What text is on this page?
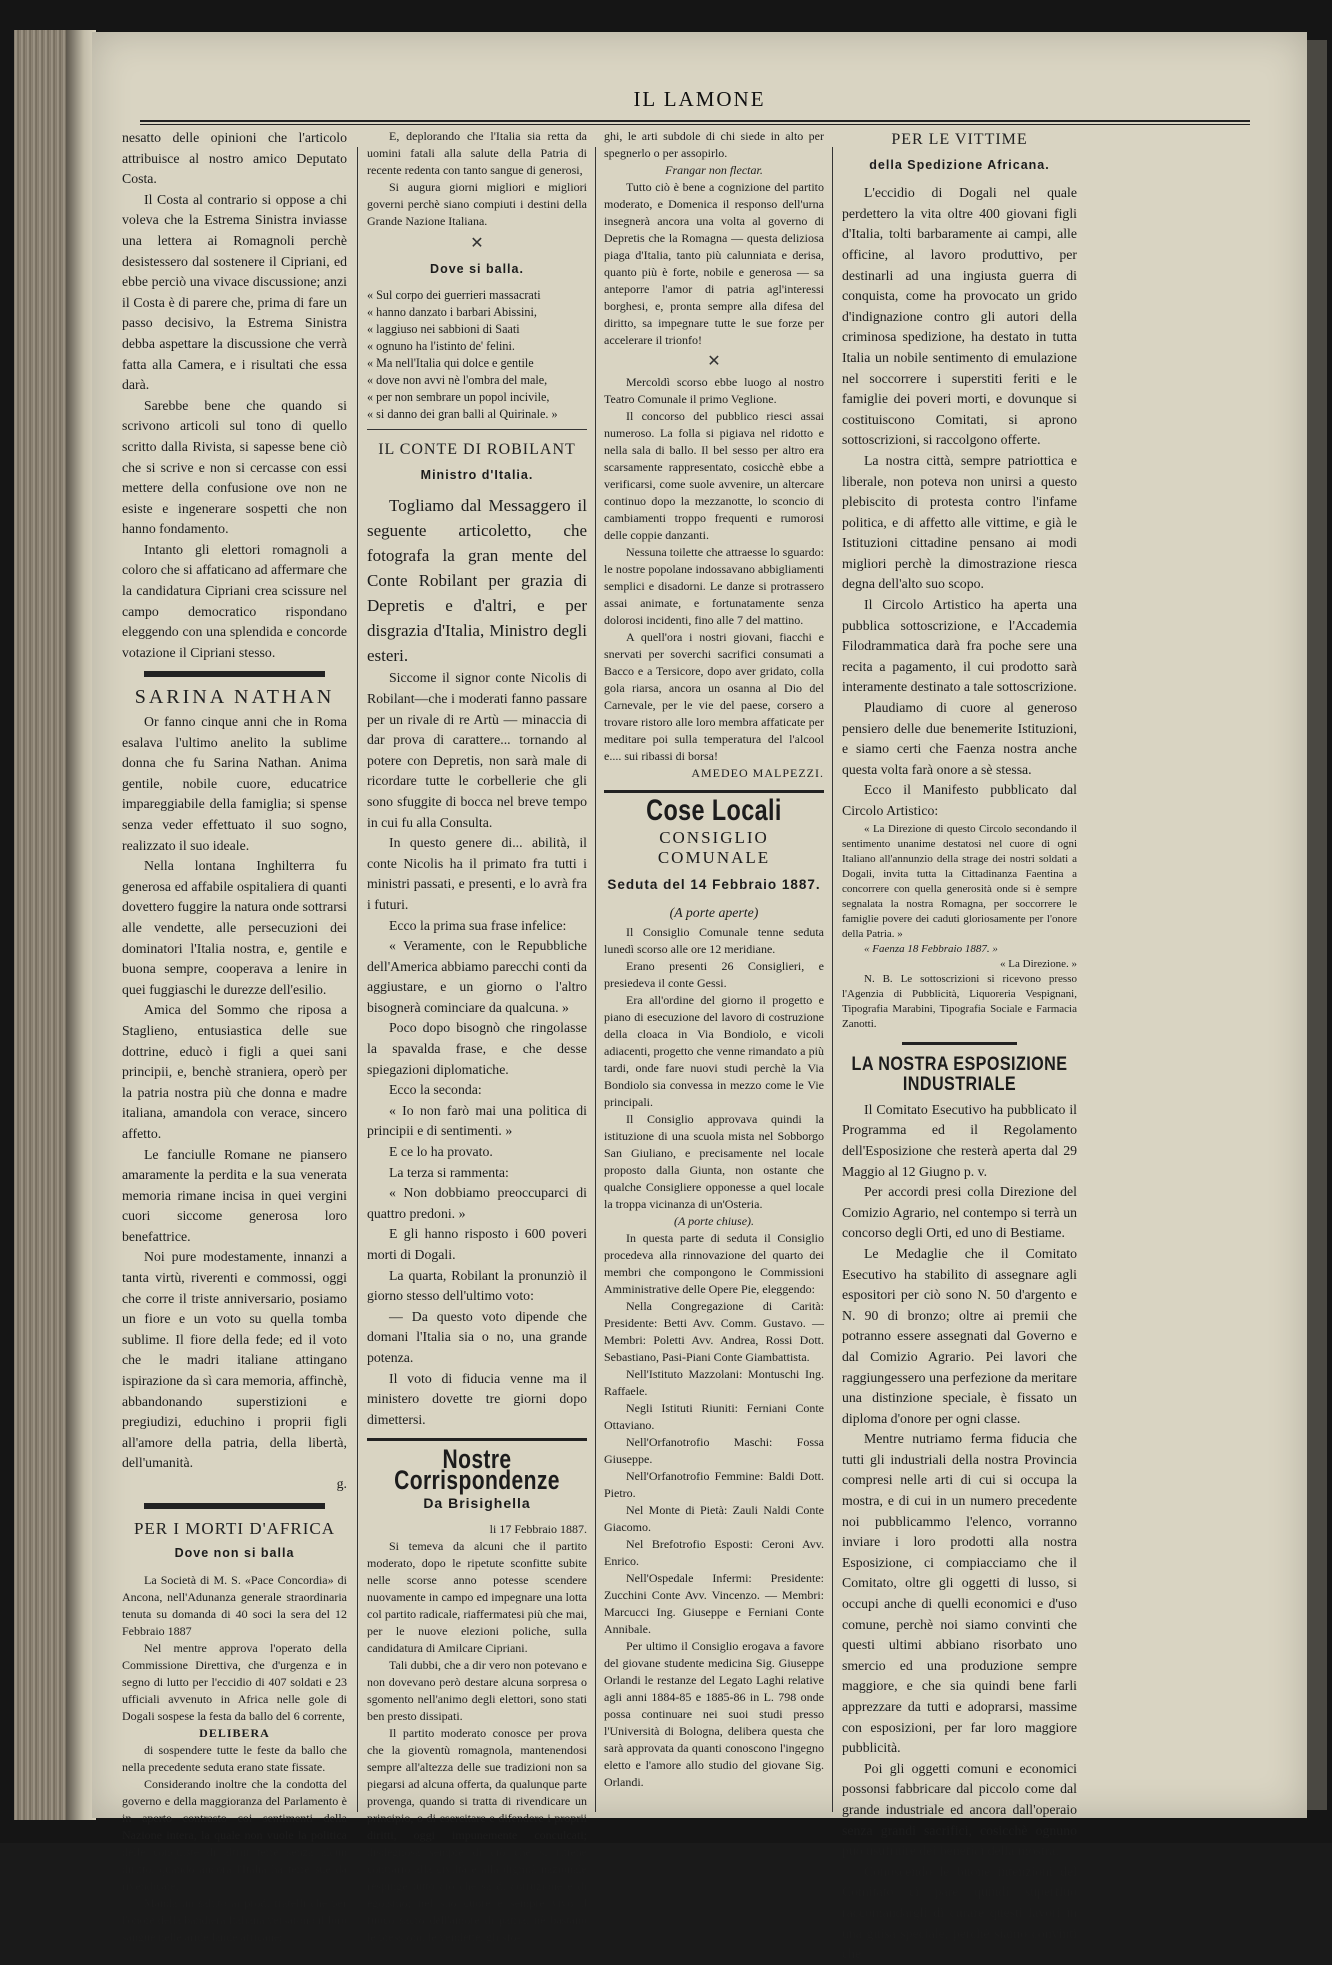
IL LAMONE

nesatto delle opinioni che l'articolo attribuisce al nostro amico Deputato Costa.

Il Costa al contrario si oppose a chi voleva che la Estrema Sinistra inviasse una lettera ai Romagnoli perchè desistessero dal sostenere il Cipriani, ed ebbe perciò una vivace discussione; anzi il Costa è di parere che, prima di fare un passo decisivo, la Estrema Sinistra debba aspettare la discussione che verrà fatta alla Camera, e i risultati che essa darà.

Sarebbe bene che quando si scrivono articoli sul tono di quello scritto dalla Rivista, si sapesse bene ciò che si scrive e non si cercasse con essi mettere della confusione ove non ne esiste e ingenerare sospetti che non hanno fondamento.

Intanto gli elettori romagnoli a coloro che si affaticano ad affermare che la candidatura Cipriani crea scissure nel campo democratico rispondano eleggendo con una splendida e concorde votazione il Cipriani stesso.

SARINA NATHAN

Or fanno cinque anni che in Roma esalava l'ultimo anelito la sublime donna che fu Sarina Nathan. Anima gentile, nobile cuore, educatrice impareggiabile della famiglia; si spense senza veder effettuato il suo sogno, realizzato il suo ideale.

Nella lontana Inghilterra fu generosa ed affabile ospitaliera di quanti dovettero fuggire la natura onde sottrarsi alle vendette, alle persecuzioni dei dominatori l'Italia nostra, e, gentile e buona sempre, cooperava a lenire in quei fuggiaschi le durezze dell'esilio.

Amica del Sommo che riposa a Staglieno, entusiastica delle sue dottrine, educò i figli a quei sani principii, e, benchè straniera, operò per la patria nostra più che donna e madre italiana, amandola con verace, sincero affetto.

Le fanciulle Romane ne piansero amaramente la perdita e la sua venerata memoria rimane incisa in quei vergini cuori siccome generosa loro benefattrice.

Noi pure modestamente, innanzi a tanta virtù, riverenti e commossi, oggi che corre il triste anniversario, posiamo un fiore e un voto su quella tomba sublime. Il fiore della fede; ed il voto che le madri italiane attingano ispirazione da sì cara memoria, affinchè, abbandonando superstizioni e pregiudizi, educhino i proprii figli all'amore della patria, della libertà, dell'umanità.

g.

PER I MORTI D'AFRICA
Dove non si balla

La Società di M. S. «Pace Concordia» di Ancona, nell'Adunanza generale straordinaria tenuta su domanda di 40 soci la sera del 12 Febbraio 1887

Nel mentre approva l'operato della Commissione Direttiva, che d'urgenza e in segno di lutto per l'eccidio di 407 soldati e 23 ufficiali avvenuto in Africa nelle gole di Dogali sospese la festa da ballo del 6 corrente,

DELIBERA

di sospendere tutte le feste da ballo che nella precedente seduta erano state fissate.

Considerando inoltre che la condotta del governo e della maggioranza del Parlamento è in aperto contrasto coi sentimenti della Nazione intera, la quale non vuole la politica delle conquiste di altrui terre senza alcun diritto, quando ancora l'Italia ha terre sue da rivendicare,

Manda un saluto ai prodi fratelli che per l'onore della bandiera Italiana versarono il loro sangue nelle aride lande africane;

E, deplorando che l'Italia sia retta da uomini fatali alla salute della Patria di recente redenta con tanto sangue di generosi,

Si augura giorni migliori e migliori governi perchè siano compiuti i destini della Grande Nazione Italiana.

✕
Dove si balla.

« Sul corpo dei guerrieri massacrati

« hanno danzato i barbari Abissini,

« laggiuso nei sabbioni di Saati

« ognuno ha l'istinto de' felini.

« Ma nell'Italia qui dolce e gentile

« dove non avvi nè l'ombra del male,

« per non sembrare un popol incivile,

« si danno dei gran balli al Quirinale. »

IL CONTE DI ROBILANT
Ministro d'Italia.

Togliamo dal Messaggero il seguente articoletto, che fotografa la gran mente del Conte Robilant per grazia di Depretis e d'altri, e per disgrazia d'Italia, Ministro degli esteri.

Siccome il signor conte Nicolis di Robilant—che i moderati fanno passare per un rivale di re Artù — minaccia di dar prova di carattere... tornando al potere con Depretis, non sarà male di ricordare tutte le corbellerie che gli sono sfuggite di bocca nel breve tempo in cui fu alla Consulta.

In questo genere di... abilità, il conte Nicolis ha il primato fra tutti i ministri passati, e presenti, e lo avrà fra i futuri.

Ecco la prima sua frase infelice:

« Veramente, con le Repubbliche dell'America abbiamo parecchi conti da aggiustare, e un giorno o l'altro bisognerà cominciare da qualcuna. »

Poco dopo bisognò che ringolasse la spavalda frase, e che desse spiegazioni diplomatiche.

Ecco la seconda:

« Io non farò mai una politica di principii e di sentimenti. »

E ce lo ha provato.

La terza si rammenta:

« Non dobbiamo preoccuparci di quattro predoni. »

E gli hanno risposto i 600 poveri morti di Dogali.

La quarta, Robilant la pronunziò il giorno stesso dell'ultimo voto:

— Da questo voto dipende che domani l'Italia sia o no, una grande potenza.

Il voto di fiducia venne ma il ministero dovette tre giorni dopo dimettersi.

Nostre Corrispondenze
Da Brisighella

li 17 Febbraio 1887.

Si temeva da alcuni che il partito moderato, dopo le ripetute sconfitte subite nelle scorse anno potesse scendere nuovamente in campo ed impegnare una lotta col partito radicale, riaffermatesi più che mai, per le nuove elezioni poliche, sulla candidatura di Amilcare Cipriani.

Tali dubbi, che a dir vero non potevano e non dovevano però destare alcuna sorpresa o sgomento nell'animo degli elettori, sono stati ben presto dissipati.

Il partito moderato conosce per prova che la gioventù romagnola, mantenendosi sempre all'altezza delle sue tradizioni non sa piegarsi ad alcuna offerta, da qualunque parte provenga, quando si tratta di rivendicare un principio, o di esercitare e difendere i proprii diritti, oggi impunemente conculcati; disdegnosa sempre di ciò che si ritiene contrario alla civiltà e alla dignità nazionale respinge tutto ciò che sa di corruzione e di egoismo; nel suo cuore è sempre vivo il fuoco sacro dell'amore di patria, nè bastano le pressioni, le vendette, gli sfo-

ghi, le arti subdole di chi siede in alto per spegnerlo o per assopirlo.

Frangar non flectar.

Tutto ciò è bene a cognizione del partito moderato, e Domenica il responso dell'urna insegnerà ancora una volta al governo di Depretis che la Romagna — questa deliziosa piaga d'Italia, tanto più calunniata e derisa, quanto più è forte, nobile e generosa — sa anteporre l'amor di patria agl'interessi borghesi, e, pronta sempre alla difesa del diritto, sa impegnare tutte le sue forze per accelerare il trionfo!

✕

Mercoldì scorso ebbe luogo al nostro Teatro Comunale il primo Veglione.

Il concorso del pubblico riesci assai numeroso. La folla si pigiava nel ridotto e nella sala di ballo. Il bel sesso per altro era scarsamente rappresentato, cosicchè ebbe a verificarsi, come suole avvenire, un altercare continuo dopo la mezzanotte, lo sconcio di cambiamenti troppo frequenti e rumorosi delle coppie danzanti.

Nessuna toilette che attraesse lo sguardo: le nostre popolane indossavano abbigliamenti semplici e disadorni. Le danze si protrassero assai animate, e fortunatamente senza dolorosi incidenti, fino alle 7 del mattino.

A quell'ora i nostri giovani, fiacchi e snervati per soverchi sacrifici consumati a Bacco e a Tersicore, dopo aver gridato, colla gola riarsa, ancora un osanna al Dio del Carnevale, per le vie del paese, corsero a trovare ristoro alle loro membra affaticate per meditare poi sulla temperatura del l'alcool e.... sui ribassi di borsa!

AMEDEO MALPEZZI.

Cose Locali
CONSIGLIO COMUNALE
Seduta del 14 Febbraio 1887.

(A porte aperte)

Il Consiglio Comunale tenne seduta lunedì scorso alle ore 12 meridiane.

Erano presenti 26 Consiglieri, e presiedeva il conte Gessi.

Era all'ordine del giorno il progetto e piano di esecuzione del lavoro di costruzione della cloaca in Via Bondiolo, e vicoli adiacenti, progetto che venne rimandato a più tardi, onde fare nuovi studi perchè la Via Bondiolo sia convessa in mezzo come le Vie principali.

Il Consiglio approvava quindi la istituzione di una scuola mista nel Sobborgo San Giuliano, e precisamente nel locale proposto dalla Giunta, non ostante che qualche Consigliere opponesse a quel locale la troppa vicinanza di un'Osteria.

(A porte chiuse).

In questa parte di seduta il Consiglio procedeva alla rinnovazione del quarto dei membri che compongono le Commissioni Amministrative delle Opere Pie, eleggendo:

Nella Congregazione di Carità: Presidente: Betti Avv. Comm. Gustavo. — Membri: Poletti Avv. Andrea, Rossi Dott. Sebastiano, Pasi-Piani Conte Giambattista.

Nell'Istituto Mazzolani: Montuschi Ing. Raffaele.

Negli Istituti Riuniti: Ferniani Conte Ottaviano.

Nell'Orfanotrofio Maschi: Fossa Giuseppe.

Nell'Orfanotrofio Femmine: Baldi Dott. Pietro.

Nel Monte di Pietà: Zauli Naldi Conte Giacomo.

Nel Brefotrofio Esposti: Ceroni Avv. Enrico.

Nell'Ospedale Infermi: Presidente: Zucchini Conte Avv. Vincenzo. — Membri: Marcucci Ing. Giuseppe e Ferniani Conte Annibale.

Per ultimo il Consiglio erogava a favore del giovane studente medicina Sig. Giuseppe Orlandi le restanze del Legato Laghi relative agli anni 1884-85 e 1885-86 in L. 798 onde possa continuare nei suoi studi presso l'Università di Bologna, delibera questa che sarà approvata da quanti conoscono l'ingegno eletto e l'amore allo studio del giovane Sig. Orlandi.

PER LE VITTIME
della Spedizione Africana.

L'eccidio di Dogali nel quale perdettero la vita oltre 400 giovani figli d'Italia, tolti barbaramente ai campi, alle officine, al lavoro produttivo, per destinarli ad una ingiusta guerra di conquista, come ha provocato un grido d'indignazione contro gli autori della criminosa spedizione, ha destato in tutta Italia un nobile sentimento di emulazione nel soccorrere i superstiti feriti e le famiglie dei poveri morti, e dovunque si costituiscono Comitati, si aprono sottoscrizioni, si raccolgono offerte.

La nostra città, sempre patriottica e liberale, non poteva non unirsi a questo plebiscito di protesta contro l'infame politica, e di affetto alle vittime, e già le Istituzioni cittadine pensano ai modi migliori perchè la dimostrazione riesca degna dell'alto suo scopo.

Il Circolo Artistico ha aperta una pubblica sottoscrizione, e l'Accademia Filodrammatica darà fra poche sere una recita a pagamento, il cui prodotto sarà interamente destinato a tale sottoscrizione.

Plaudiamo di cuore al generoso pensiero delle due benemerite Istituzioni, e siamo certi che Faenza nostra anche questa volta farà onore a sè stessa.

Ecco il Manifesto pubblicato dal Circolo Artistico:

« La Direzione di questo Circolo secondando il sentimento unanime destatosi nel cuore di ogni Italiano all'annunzio della strage dei nostri soldati a Dogali, invita tutta la Cittadinanza Faentina a concorrere con quella generosità onde si è sempre segnalata la nostra Romagna, per soccorrere le famiglie povere dei caduti gloriosamente per l'onore della Patria. »

« Faenza 18 Febbraio 1887. »

« La Direzione. »

N. B. Le sottoscrizioni si ricevono presso l'Agenzia di Pubblicità, Liquoreria Vespignani, Tipografia Marabini, Tipografia Sociale e Farmacia Zanotti.

LA NOSTRA ESPOSIZIONE INDUSTRIALE

Il Comitato Esecutivo ha pubblicato il Programma ed il Regolamento dell'Esposizione che resterà aperta dal 29 Maggio al 12 Giugno p. v.

Per accordi presi colla Direzione del Comizio Agrario, nel contempo si terrà un concorso degli Orti, ed uno di Bestiame.

Le Medaglie che il Comitato Esecutivo ha stabilito di assegnare agli espositori per ciò sono N. 50 d'argento e N. 90 di bronzo; oltre ai premii che potranno essere assegnati dal Governo e dal Comizio Agrario. Pei lavori che raggiungessero una perfezione da meritare una distinzione speciale, è fissato un diploma d'onore per ogni classe.

Mentre nutriamo ferma fiducia che tutti gli industriali della nostra Provincia compresi nelle arti di cui si occupa la mostra, e di cui in un numero precedente noi pubblicammo l'elenco, vorranno inviare i loro prodotti alla nostra Esposizione, ci compiacciamo che il Comitato, oltre gli oggetti di lusso, si occupi anche di quelli economici e d'uso comune, perchè noi siamo convinti che questi ultimi abbiano risorbato uno smercio ed una produzione sempre maggiore, e che sia quindi bene farli apprezzare da tutti e adoprarsi, massime con esposizioni, per far loro maggiore pubblicità.

Poi gli oggetti comuni e economici possonsi fabbricare dal piccolo come dal grande industriale ed ancora dall'operaio senza grandi sacrifici, cosicchè ognuno può usufruire dei benefici della mostra.

Conoscendo le buone intenzioni del Comitato ci pare quindi superfluo raccomandargli di curare questi lavori in una guisa speciale, perchè siamo convinti che
